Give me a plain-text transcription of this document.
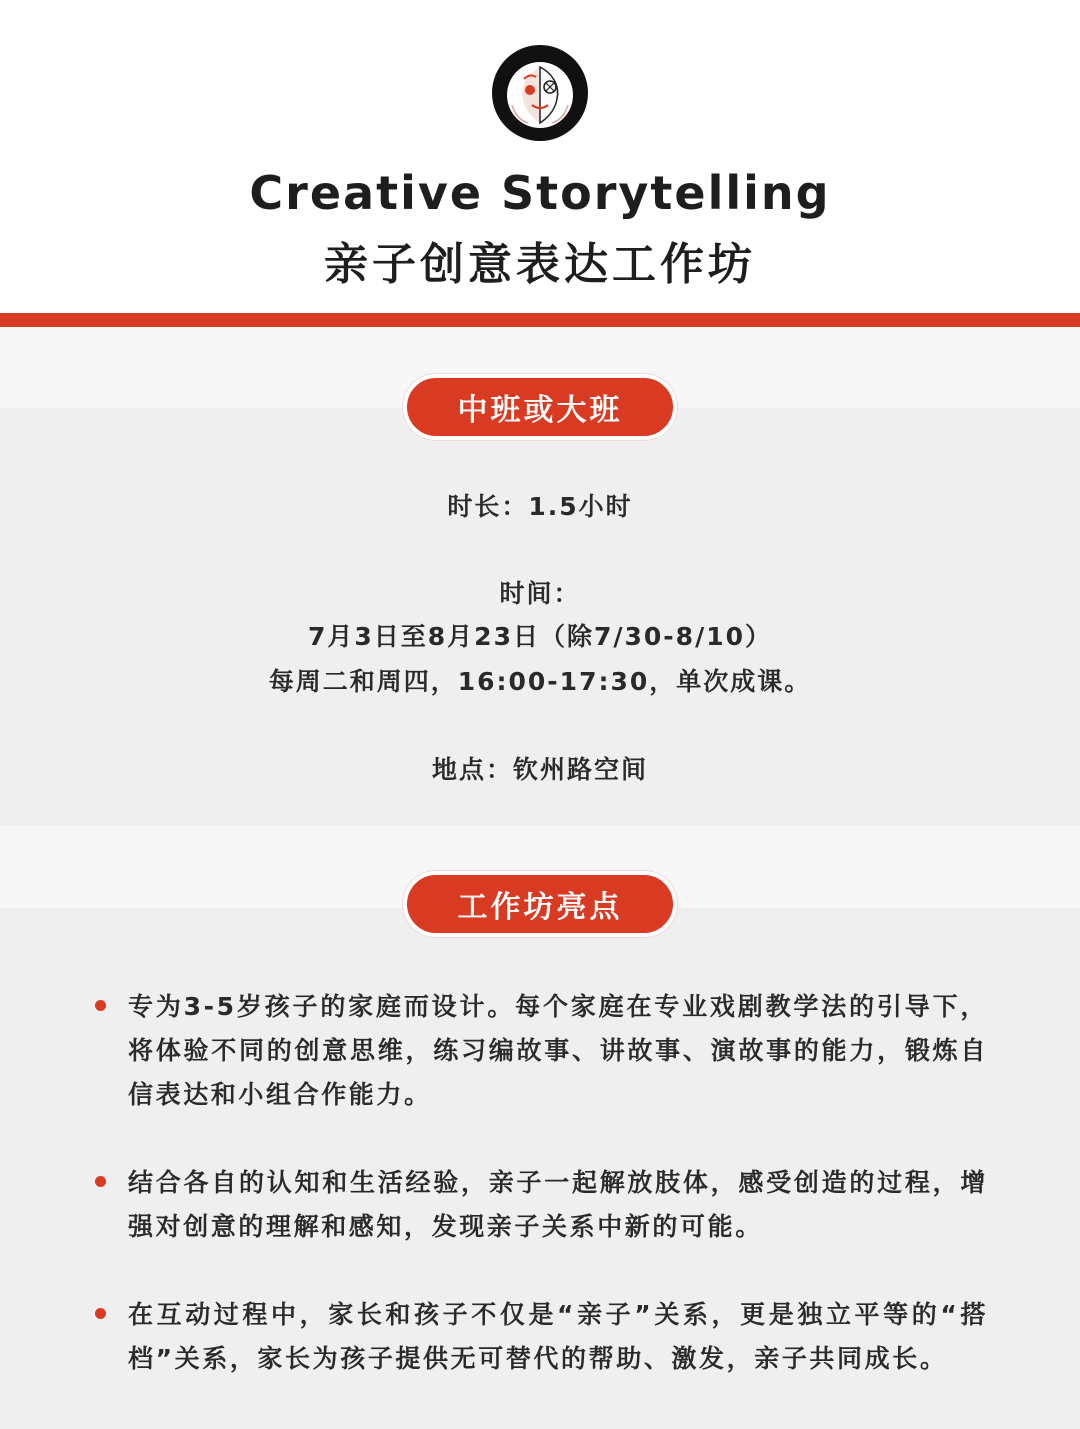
Creative Storytelling
亲子创意表达工作坊
中班或大班
时长：1.5小时
时间：
7月3日至8月23日（除7/30-8/10）
每周二和周四，16:00-17:30，单次成课。
地点：钦州路空间
工作坊亮点
专为3-5岁孩子的家庭而设计。每个家庭在专业戏剧教学法的引导下，将体验不同的创意思维，练习编故事、讲故事、演故事的能力，锻炼自信表达和小组合作能力。
结合各自的认知和生活经验，亲子一起解放肢体，感受创造的过程，增强对创意的理解和感知，发现亲子关系中新的可能。
在互动过程中，家长和孩子不仅是“亲子”关系，更是独立平等的“搭档”关系，家长为孩子提供无可替代的帮助、激发，亲子共同成长。
